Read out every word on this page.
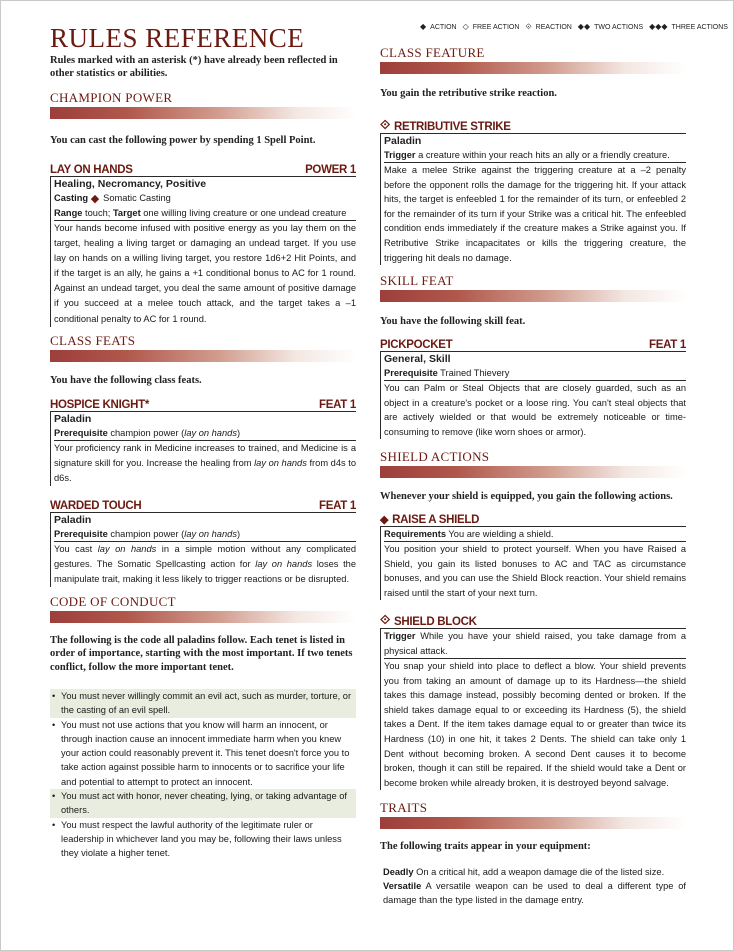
◆ ACTION ◇ FREE ACTION ⟐ REACTION ◆◆ TWO ACTIONS ◆◆◆ THREE ACTIONS
RULES REFERENCE
Rules marked with an asterisk (*) have already been reflected in other statistics or abilities.
CHAMPION POWER
You can cast the following power by spending 1 Spell Point.
LAY ON HANDS	POWER 1
Healing, Necromancy, Positive
Casting ◆ Somatic Casting
Range touch; Target one willing living creature or one undead creature
Your hands become infused with positive energy as you lay them on the target, healing a living target or damaging an undead target. If you use lay on hands on a willing living target, you restore 1d6+2 Hit Points, and if the target is an ally, he gains a +1 conditional bonus to AC for 1 round. Against an undead target, you deal the same amount of positive damage if you succeed at a melee touch attack, and the target takes a –1 conditional penalty to AC for 1 round.
CLASS FEATS
You have the following class feats.
HOSPICE KNIGHT*	FEAT 1
Paladin
Prerequisite champion power (lay on hands)
Your proficiency rank in Medicine increases to trained, and Medicine is a signature skill for you. Increase the healing from lay on hands from d4s to d6s.
WARDED TOUCH	FEAT 1
Paladin
Prerequisite champion power (lay on hands)
You cast lay on hands in a simple motion without any complicated gestures. The Somatic Spellcasting action for lay on hands loses the manipulate trait, making it less likely to trigger reactions or be disrupted.
CODE OF CONDUCT
The following is the code all paladins follow. Each tenet is listed in order of importance, starting with the most important. If two tenets conflict, follow the more important tenet.
• You must never willingly commit an evil act, such as murder, torture, or the casting of an evil spell.
• You must not use actions that you know will harm an innocent, or through inaction cause an innocent immediate harm when you knew your action could reasonably prevent it. This tenet doesn't force you to take action against possible harm to innocents or to sacrifice your life and potential to attempt to protect an innocent.
• You must act with honor, never cheating, lying, or taking advantage of others.
• You must respect the lawful authority of the legitimate ruler or leadership in whichever land you may be, following their laws unless they violate a higher tenet.
CLASS FEATURE
You gain the retributive strike reaction.
⟐ RETRIBUTIVE STRIKE
Paladin
Trigger a creature within your reach hits an ally or a friendly creature.
Make a melee Strike against the triggering creature at a –2 penalty before the opponent rolls the damage for the triggering hit. If your attack hits, the target is enfeebled 1 for the remainder of its turn, or enfeebled 2 for the remainder of its turn if your Strike was a critical hit. The enfeebled condition ends immediately if the creature makes a Strike against you. If Retributive Strike incapacitates or kills the triggering creature, the triggering hit deals no damage.
SKILL FEAT
You have the following skill feat.
PICKPOCKET	FEAT 1
General, Skill
Prerequisite Trained Thievery
You can Palm or Steal Objects that are closely guarded, such as an object in a creature's pocket or a loose ring. You can't steal objects that are actively wielded or that would be extremely noticeable or time-consuming to remove (like worn shoes or armor).
SHIELD ACTIONS
Whenever your shield is equipped, you gain the following actions.
◆ RAISE A SHIELD
Requirements You are wielding a shield.
You position your shield to protect yourself. When you have Raised a Shield, you gain its listed bonuses to AC and TAC as circumstance bonuses, and you can use the Shield Block reaction. Your shield remains raised until the start of your next turn.
⟐ SHIELD BLOCK
Trigger While you have your shield raised, you take damage from a physical attack.
You snap your shield into place to deflect a blow. Your shield prevents you from taking an amount of damage up to its Hardness—the shield takes this damage instead, possibly becoming dented or broken. If the shield takes damage equal to or exceeding its Hardness (5), the shield takes a Dent. If the item takes damage equal to or greater than twice its Hardness (10) in one hit, it takes 2 Dents. The shield can take only 1 Dent without becoming broken. A second Dent causes it to become broken, though it can still be repaired. If the shield would take a Dent or become broken while already broken, it is destroyed beyond salvage.
TRAITS
The following traits appear in your equipment:
Deadly On a critical hit, add a weapon damage die of the listed size.
Versatile A versatile weapon can be used to deal a different type of damage than the type listed in the damage entry.
